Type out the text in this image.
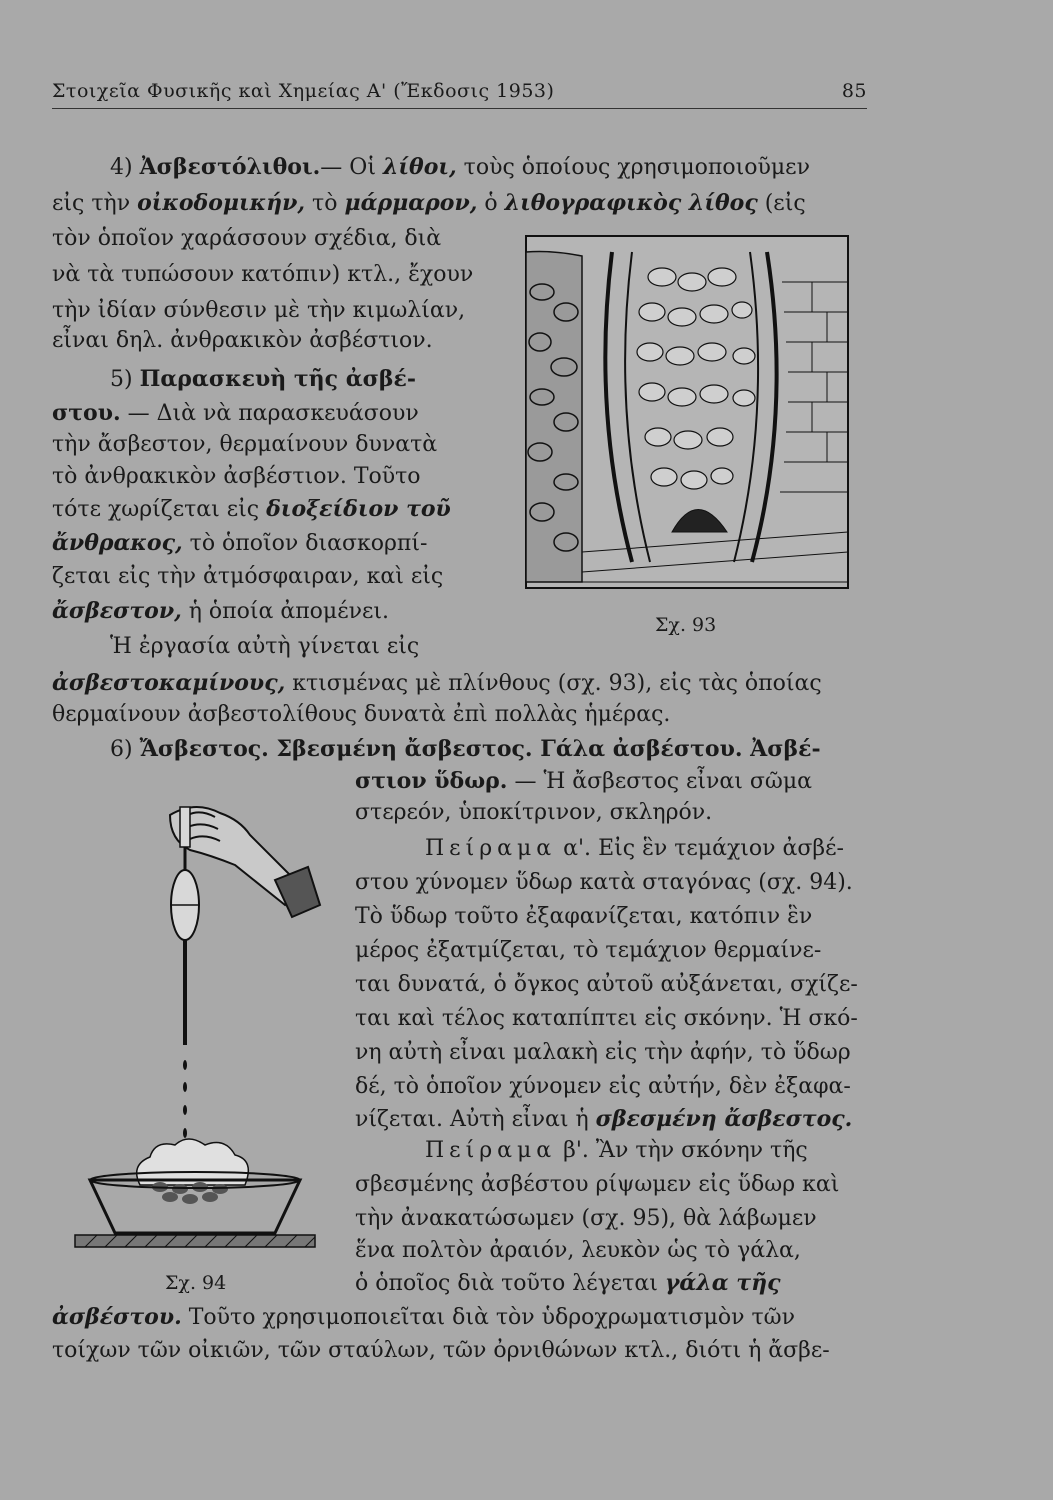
Στοιχεῖα Φυσικῆς καὶ Χημείας Α' (Ἔκδοσις 1953)	85
4) Ἀσβεστόλιθοι.— Οἱ λίθοι, τοὺς ὁποίους χρησιμοποιοῦμεν
εἰς τὴν οἰκοδομικήν, τὸ μάρμαρον, ὁ λιθογραφικὸς λίθος (εἰς
τὸν ὁποῖον χαράσσουν σχέδια, διὰ
νὰ τὰ τυπώσουν κατόπιν) κτλ., ἔχουν
τὴν ἰδίαν σύνθεσιν μὲ τὴν κιμωλίαν,
εἶναι δηλ. ἀνθρακικὸν ἀσβέστιον.
5) Παρασκευὴ τῆς ἀσβέ-
στου. — Διὰ νὰ παρασκευάσουν
τὴν ἄσβεστον, θερμαίνουν δυνατὰ
τὸ ἀνθρακικὸν ἀσβέστιον. Τοῦτο
τότε χωρίζεται εἰς διοξείδιον τοῦ
ἄνθρακος, τὸ ὁποῖον διασκορπί-
ζεται εἰς τὴν ἀτμόσφαιραν, καὶ εἰς
ἄσβεστον, ἡ ὁποία ἀπομένει.
Ἡ ἐργασία αὐτὴ γίνεται εἰς
ἀσβεστοκαμίνους, κτισμένας μὲ πλίνθους (σχ. 93), εἰς τὰς ὁποίας
θερμαίνουν ἀσβεστολίθους δυνατὰ ἐπὶ πολλὰς ἡμέρας.
Σχ. 93
6) Ἄσβεστος. Σβεσμένη ἄσβεστος. Γάλα ἀσβέστου. Ἀσβέ-
στιον ὕδωρ. — Ἡ ἄσβεστος εἶναι σῶμα
στερεόν, ὑποκίτρινον, σκληρόν.
Πείραμα α'. Εἰς ἓν τεμάχιον ἀσβέ-
στου χύνομεν ὕδωρ κατὰ σταγόνας (σχ. 94).
Τὸ ὕδωρ τοῦτο ἐξαφανίζεται, κατόπιν ἓν
μέρος ἐξατμίζεται, τὸ τεμάχιον θερμαίνε-
ται δυνατά, ὁ ὄγκος αὐτοῦ αὐξάνεται, σχίζε-
ται καὶ τέλος καταπίπτει εἰς σκόνην. Ἡ σκό-
νη αὐτὴ εἶναι μαλακὴ εἰς τὴν ἀφήν, τὸ ὕδωρ
δέ, τὸ ὁποῖον χύνομεν εἰς αὐτήν, δὲν ἐξαφα-
νίζεται. Αὐτὴ εἶναι ἡ σβεσμένη ἄσβεστος.
Πείραμα β'. Ἂν τὴν σκόνην τῆς
σβεσμένης ἀσβέστου ρίψωμεν εἰς ὕδωρ καὶ
τὴν ἀνακατώσωμεν (σχ. 95), θὰ λάβωμεν
ἕνα πολτὸν ἀραιόν, λευκὸν ὡς τὸ γάλα,
ὁ ὁποῖος διὰ τοῦτο λέγεται γάλα τῆς
ἀσβέστου. Τοῦτο χρησιμοποιεῖται διὰ τὸν ὑδροχρωματισμὸν τῶν
τοίχων τῶν οἰκιῶν, τῶν σταύλων, τῶν ὀρνιθώνων κτλ., διότι ἡ ἄσβε-
Σχ. 94
